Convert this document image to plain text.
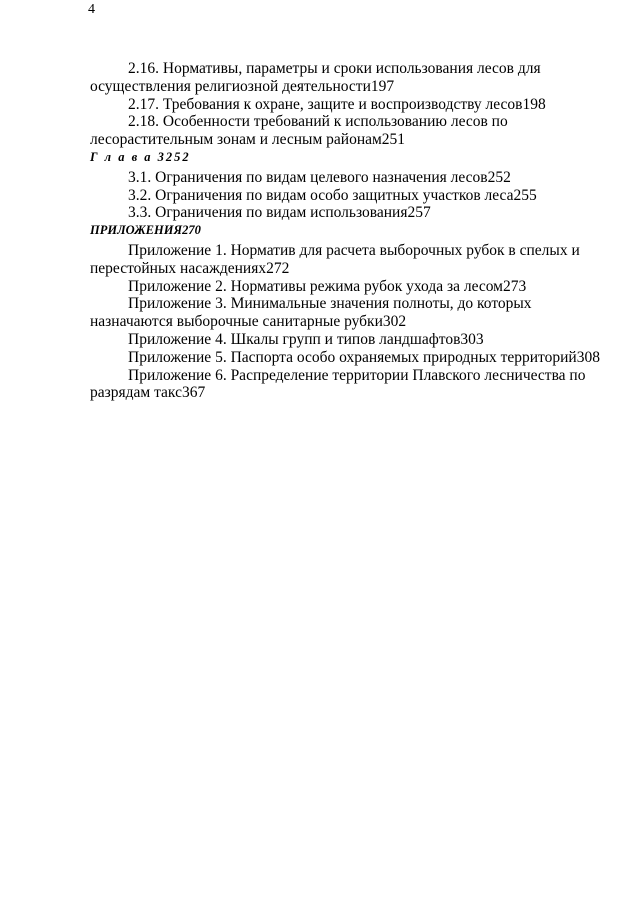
4

2.16. Нормативы, параметры и сроки использования лесов для осуществления религиозной деятельности197

2.17. Требования к охране, защите и воспроизводству лесов198

2.18. Особенности требований к использованию лесов по лесорастительным зонам и лесным районам251

Г л а в а 3252

3.1. Ограничения по видам целевого назначения лесов252

3.2. Ограничения по видам особо защитных участков леса255

3.3. Ограничения по видам использования257

ПРИЛОЖЕНИЯ270

Приложение 1. Норматив для расчета выборочных рубок в спелых и перестойных насаждениях272

Приложение 2. Нормативы режима рубок ухода за лесом273

Приложение 3. Минимальные значения полноты, до которых назначаются выборочные санитарные рубки302

Приложение 4. Шкалы групп и типов ландшафтов303

Приложение 5. Паспорта особо охраняемых природных территорий308

Приложение 6. Распределение территории Плавского лесничества по разрядам такс367
